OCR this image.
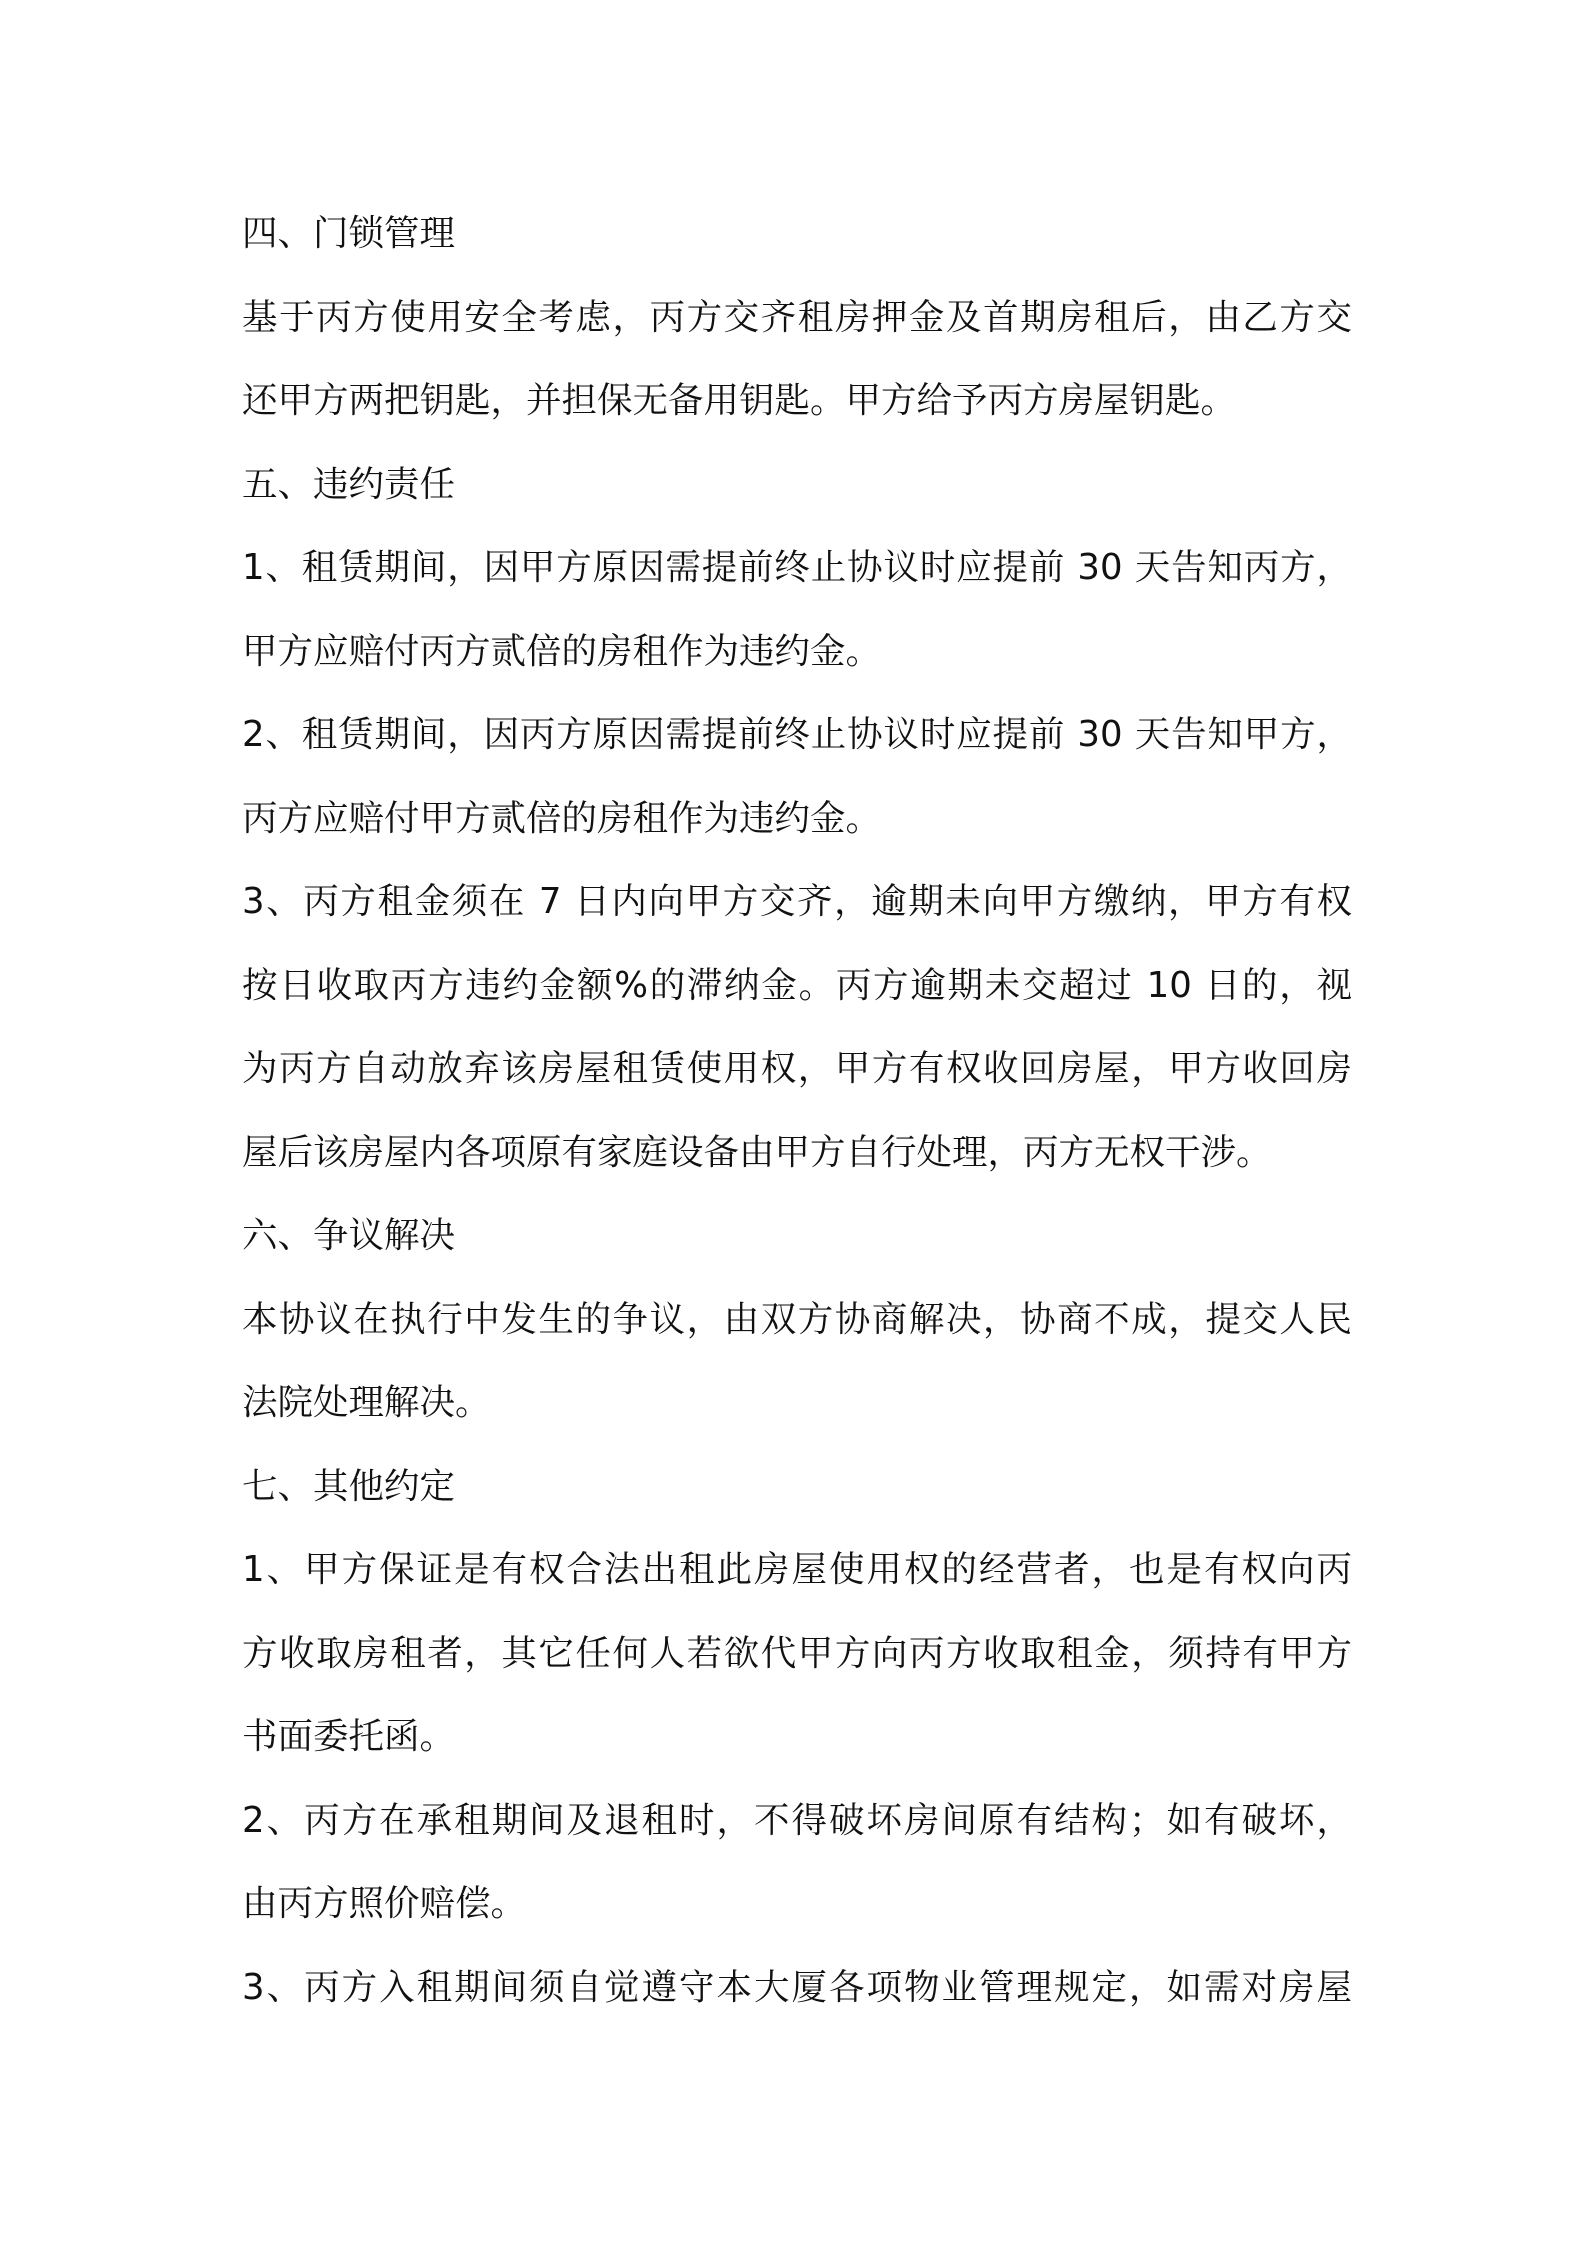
四、门锁管理
基于丙方使用安全考虑，丙方交齐租房押金及首期房租后，由乙方交
还甲方两把钥匙，并担保无备用钥匙。甲方给予丙方房屋钥匙。
五、违约责任
1、租赁期间，因甲方原因需提前终止协议时应提前 30 天告知丙方，
甲方应赔付丙方贰倍的房租作为违约金。
2、租赁期间，因丙方原因需提前终止协议时应提前 30 天告知甲方，
丙方应赔付甲方贰倍的房租作为违约金。
3、丙方租金须在 7 日内向甲方交齐，逾期未向甲方缴纳，甲方有权
按日收取丙方违约金额%的滞纳金。丙方逾期未交超过 10 日的，视
为丙方自动放弃该房屋租赁使用权，甲方有权收回房屋，甲方收回房
屋后该房屋内各项原有家庭设备由甲方自行处理，丙方无权干涉。
六、争议解决
本协议在执行中发生的争议，由双方协商解决，协商不成，提交人民
法院处理解决。
七、其他约定
1、甲方保证是有权合法出租此房屋使用权的经营者，也是有权向丙
方收取房租者，其它任何人若欲代甲方向丙方收取租金，须持有甲方
书面委托函。
2、丙方在承租期间及退租时，不得破坏房间原有结构；如有破坏，
由丙方照价赔偿。
3、丙方入租期间须自觉遵守本大厦各项物业管理规定，如需对房屋
